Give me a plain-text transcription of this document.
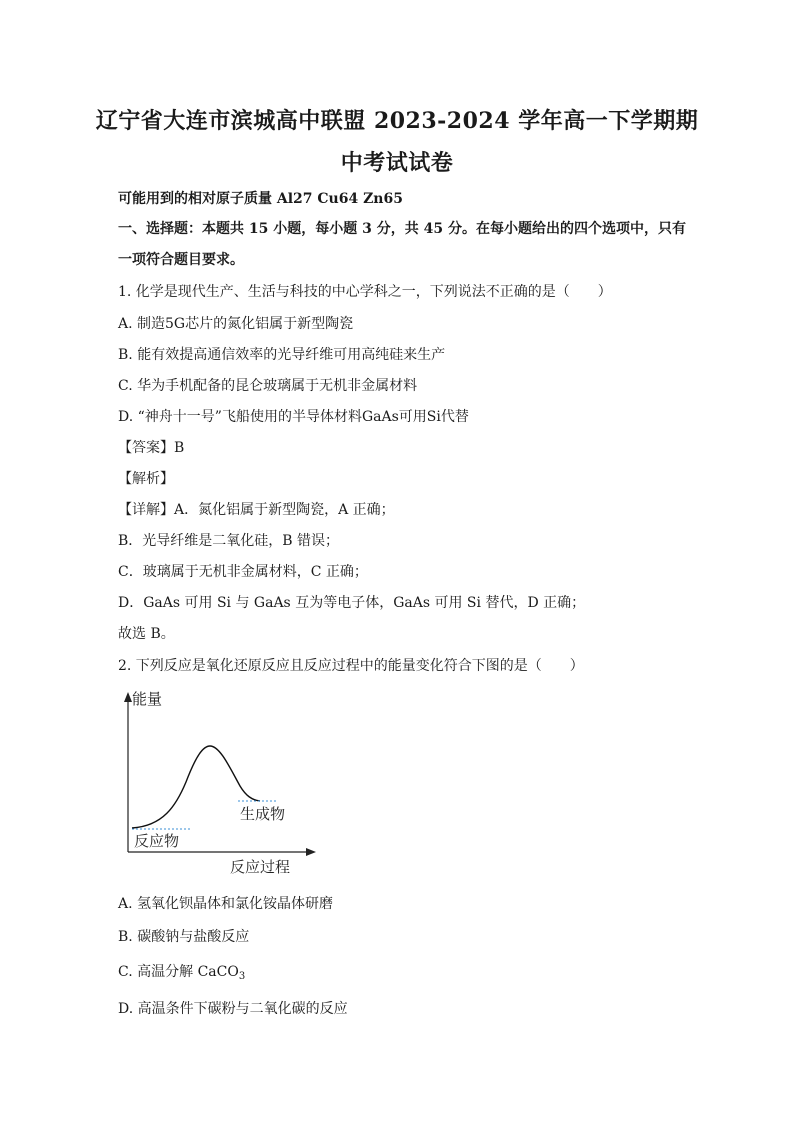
辽宁省大连市滨城高中联盟 2023-2024 学年高一下学期期
中考试试卷
可能用到的相对原子质量 Al27 Cu64 Zn65
一、选择题：本题共 15 小题，每小题 3 分，共 45 分。在每小题给出的四个选项中，只有
一项符合题目要求。
1. 化学是现代生产、生活与科技的中心学科之一，下列说法不正确的是（　　）
A. 制造5G芯片的氮化铝属于新型陶瓷
B. 能有效提高通信效率的光导纤维可用高纯硅来生产
C. 华为手机配备的昆仑玻璃属于无机非金属材料
D. “神舟十一号”飞船使用的半导体材料GaAs可用Si代替
【答案】B
【解析】
【详解】A．氮化铝属于新型陶瓷，A 正确；
B．光导纤维是二氧化硅，B 错误；
C．玻璃属于无机非金属材料，C 正确；
D．GaAs 可用 Si 与 GaAs 互为等电子体，GaAs 可用 Si 替代，D 正确；
故选 B。
2. 下列反应是氧化还原反应且反应过程中的能量变化符合下图的是（　　）
能量
反应过程
反应物
生成物
A. 氢氧化钡晶体和氯化铵晶体研磨
B. 碳酸钠与盐酸反应
C. 高温分解 CaCO$_3$
D. 高温条件下碳粉与二氧化碳的反应
